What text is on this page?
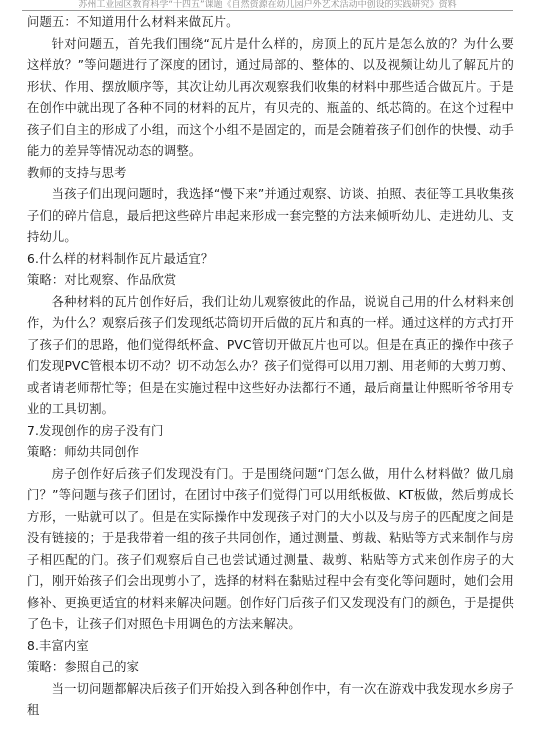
苏州工业园区教育科学“十四五”课题《自然资源在幼儿园户外艺术活动中创设的实践研究》资料

问题五：不知道用什么材料来做瓦片。

针对问题五，首先我们围绕“瓦片是什么样的，房顶上的瓦片是怎么放的？为什么要这样放？”等问题进行了深度的团讨，通过局部的、整体的、以及视频让幼儿了解瓦片的形状、作用、摆放顺序等，其次让幼儿再次观察我们收集的材料中那些适合做瓦片。于是在创作中就出现了各种不同的材料的瓦片，有贝壳的、瓶盖的、纸芯筒的。在这个过程中孩子们自主的形成了小组，而这个小组不是固定的，而是会随着孩子们创作的快慢、动手能力的差异等情况动态的调整。

教师的支持与思考

当孩子们出现问题时，我选择“慢下来”并通过观察、访谈、拍照、表征等工具收集孩子们的碎片信息，最后把这些碎片串起来形成一套完整的方法来倾听幼儿、走进幼儿、支持幼儿。

6.什么样的材料制作瓦片最适宜？

策略：对比观察、作品欣赏

各种材料的瓦片创作好后，我们让幼儿观察彼此的作品，说说自己用的什么材料来创作，为什么？观察后孩子们发现纸芯筒切开后做的瓦片和真的一样。通过这样的方式打开了孩子们的思路，他们觉得纸杯盒、PVC管切开做瓦片也可以。但是在真正的操作中孩子们发现PVC管根本切不动？切不动怎么办？孩子们觉得可以用刀割、用老师的大剪刀剪、或者请老师帮忙等；但是在实施过程中这些好办法都行不通，最后商量让仲熙昕爷爷用专业的工具切割。

7.发现创作的房子没有门

策略：师幼共同创作

房子创作好后孩子们发现没有门。于是围绕问题“门怎么做，用什么材料做？做几扇门？”等问题与孩子们团讨，在团讨中孩子们觉得门可以用纸板做、KT板做，然后剪成长方形，一贴就可以了。但是在实际操作中发现孩子对门的大小以及与房子的匹配度之间是没有链接的；于是我带着一组的孩子共同创作，通过测量、剪裁、粘贴等方式来制作与房子相匹配的门。孩子们观察后自己也尝试通过测量、裁剪、粘贴等方式来创作房子的大门，刚开始孩子们会出现剪小了，选择的材料在黏贴过程中会有变化等问题时，她们会用修补、更换更适宜的材料来解决问题。创作好门后孩子们又发现没有门的颜色，于是提供了色卡，让孩子们对照色卡用调色的方法来解决。

8.丰富内室

策略：参照自己的家

当一切问题都解决后孩子们开始投入到各种创作中，有一次在游戏中我发现水乡房子租
